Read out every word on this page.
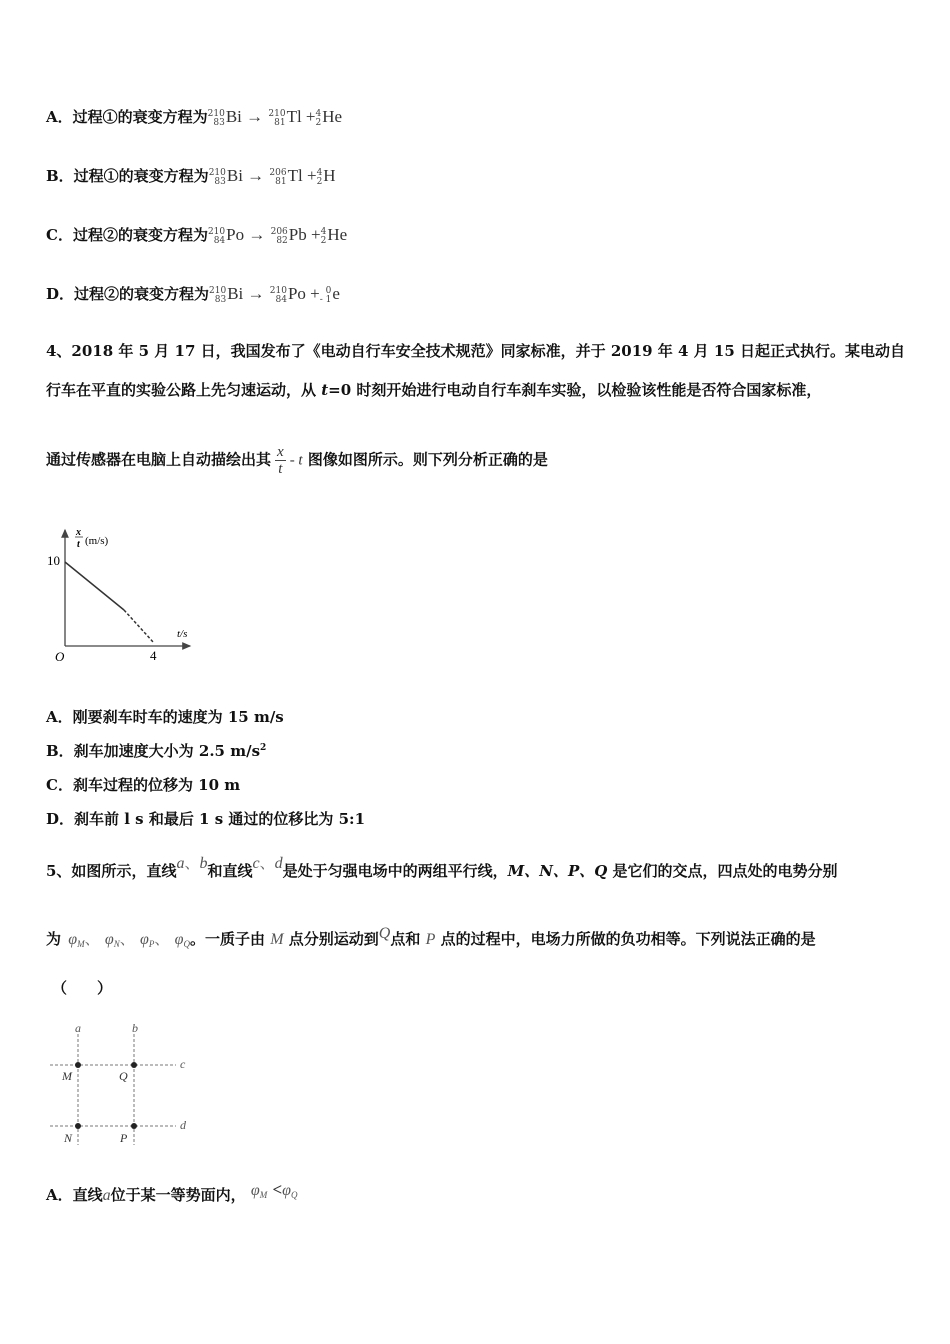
A．过程①的衰变方程为 210
83 Bi → 210
81 Tl + 4
2 He
B．过程①的衰变方程为 210
83 Bi → 206
81 Tl + 4
2 H
C．过程②的衰变方程为 210
84 Po → 206
82 Pb + 4
2 He
D．过程②的衰变方程为 210
83 Bi → 210
84 Po + 0
- 1 e
4、2018 年 5 月 17 日，我国发布了《电动自行车安全技术规范》同家标准，并于 2019 年 4 月 15 日起正式执行。某电动自
行车在平直的实验公路上先匀速运动，从 t=0 时刻开始进行电动自行车刹车实验，以检验该性能是否符合国家标准，
通过传感器在电脑上自动描绘出其 $\frac{x}{t}$ - t 图像如图所示。则下列分析正确的是
x
t (m/s)
10
4
O
t/s
A．刚要刹车时车的速度为 15 m/s
B．刹车加速度大小为 2.5 $m/s^2$
C．刹车过程的位移为 10 m
D．刹车前 l s 和最后 1 s 通过的位移比为 5:1
5、如图所示，直线a、b和直线c、d是处于匀强电场中的两组平行线，M、N、P、Q 是它们的交点，四点处的电势分别
为 $\varphi_M$、 $\varphi_N$、 $\varphi_P$、 $\varphi_Q$。一质子由 M 点分别运动到Q点和 P 点的过程中，电场力所做的负功相等。下列说法正确的是
（　　）
a	b
c
d
M	Q
N	P
A．直线a位于某一等势面内， $\varphi_M <\varphi_Q$
